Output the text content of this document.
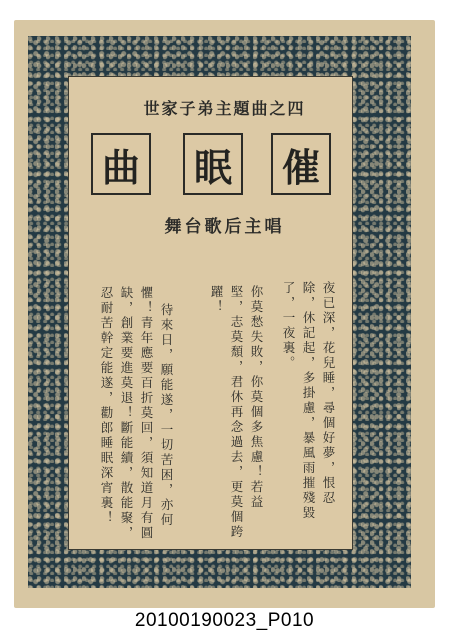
世家子弟主題曲之四
曲 眠 催
舞台歌后主唱
夜已深，花兒睡，尋個好夢，恨忍
除，休記起，多掛慮，暴風雨摧殘毀
了，一夜裏。
你莫愁失敗，你莫個多焦慮！若益
堅，志莫頹，君休再念過去，更莫個跨
躍！
待來日，願能遂，一切苦困，亦何
懼！青年應要百折莫回，須知道月有圓
缺，創業要進莫退！斷能續，散能聚，
忍耐苦幹定能遂，勸郎睡眠深宵裏！
20100190023_P010
